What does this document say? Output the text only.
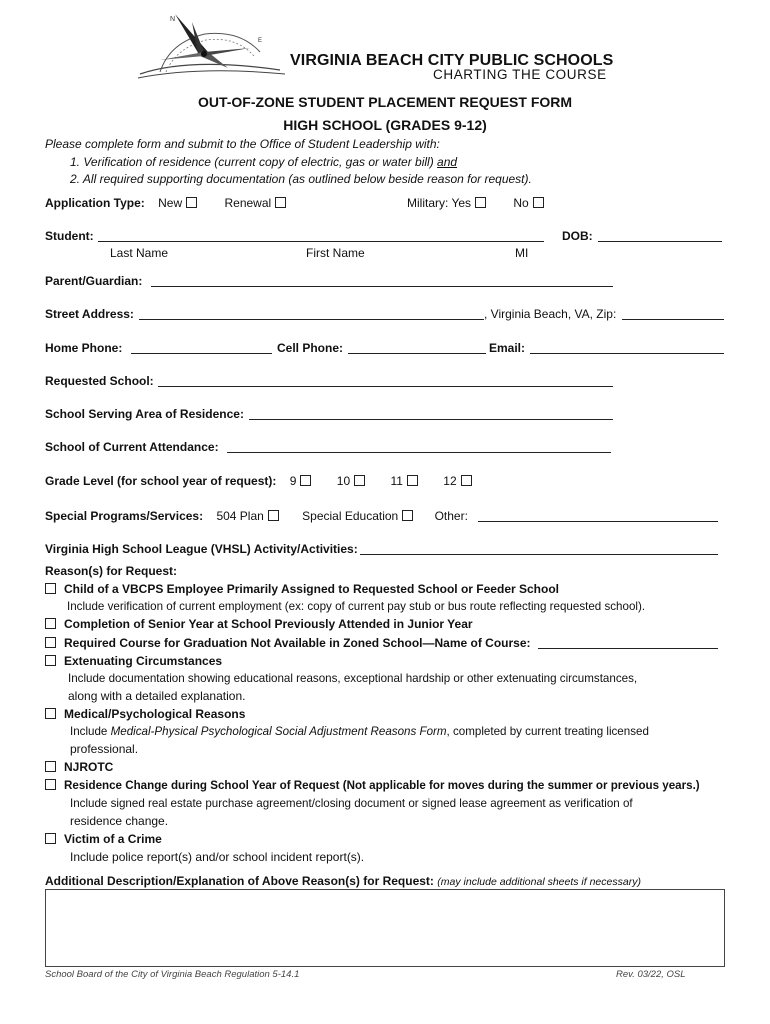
N
E
VIRGINIA BEACH CITY PUBLIC SCHOOLS
CHARTING THE COURSE
OUT-OF-ZONE STUDENT PLACEMENT REQUEST FORM
HIGH SCHOOL (GRADES 9-12)
Please complete form and submit to the Office of Student Leadership with:
1. Verification of residence (current copy of electric, gas or water bill) and
2. All required supporting documentation (as outlined below beside reason for request).
Application Type: New	Renewal	Military: Yes	No
Student:	DOB:
Last Name	First Name	MI
Parent/Guardian:
Street Address:	, Virginia Beach, VA, Zip:
Home Phone:	Cell Phone:	Email:
Requested School:
School Serving Area of Residence:
School of Current Attendance:
Grade Level (for school year of request): 9	10	11	12
Special Programs/Services: 504 Plan	Special Education	Other:
Virginia High School League (VHSL) Activity/Activities:
Reason(s) for Request:
Child of a VBCPS Employee Primarily Assigned to Requested School or Feeder School
Include verification of current employment (ex: copy of current pay stub or bus route reflecting requested school).
Completion of Senior Year at School Previously Attended in Junior Year
Required Course for Graduation Not Available in Zoned School—Name of Course:
Extenuating Circumstances
Include documentation showing educational reasons, exceptional hardship or other extenuating circumstances,
along with a detailed explanation.
Medical/Psychological Reasons
Include Medical-Physical Psychological Social Adjustment Reasons Form, completed by current treating licensed
professional.
NJROTC
Residence Change during School Year of Request (Not applicable for moves during the summer or previous years.)
Include signed real estate purchase agreement/closing document or signed lease agreement as verification of
residence change.
Victim of a Crime
Include police report(s) and/or school incident report(s).
Additional Description/Explanation of Above Reason(s) for Request: (may include additional sheets if necessary)
School Board of the City of Virginia Beach Regulation 5-14.1	Rev. 03/22, OSL
